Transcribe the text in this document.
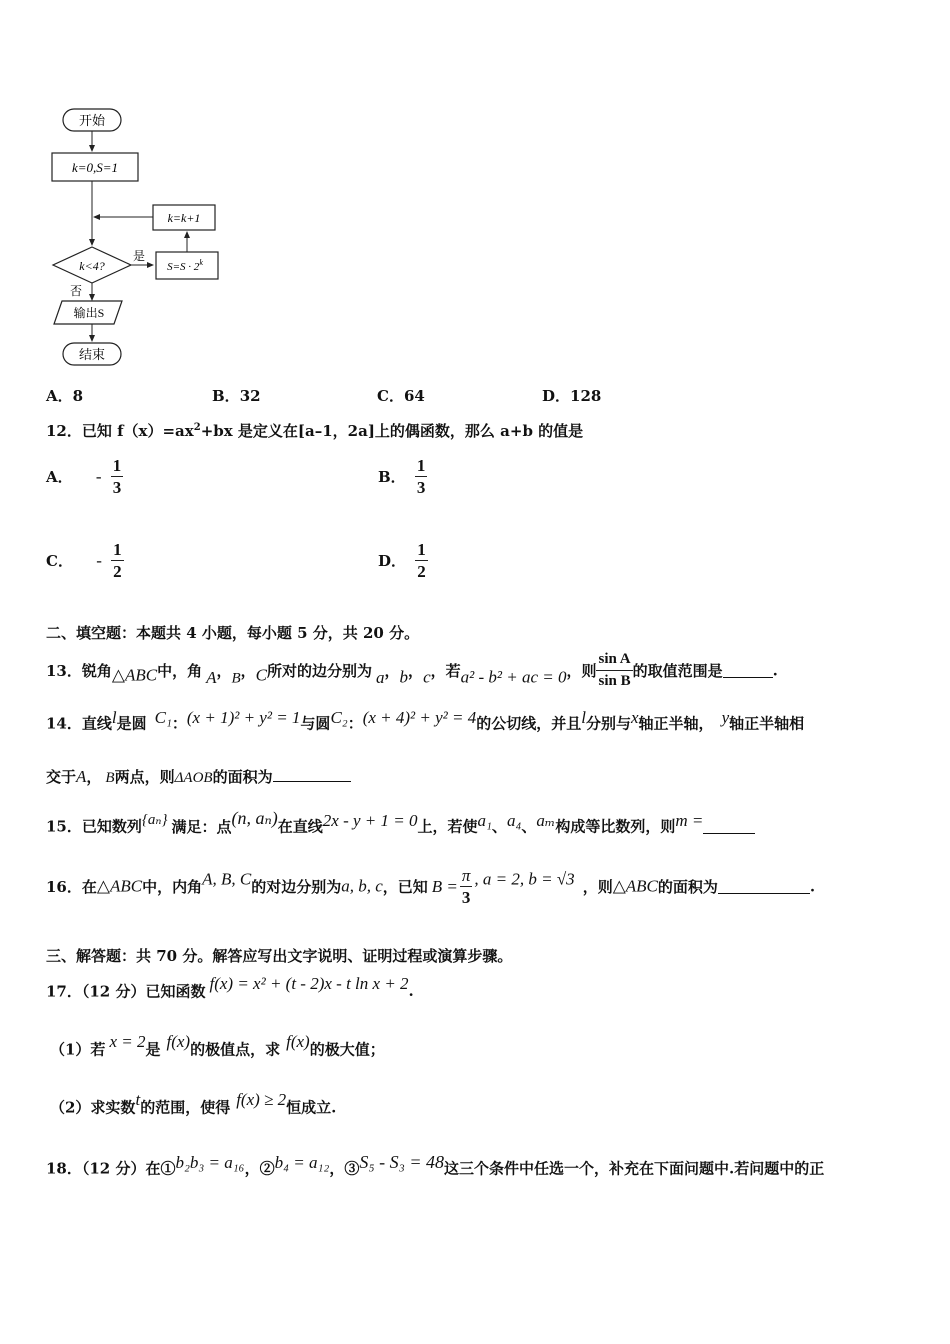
开始
k=0,S=1
k=k+1
k<4?
是
$S=S \cdot 2^k$
否
输出S
结束
A．8	B．32	C．64	D．128
12．已知 $f(x)=ax^2+bx$ 是定义在[a–1，2a]上的偶函数，那么 a+b 的值是
A． - $\frac{1}{3}$	B． $\frac{1}{3}$
C． - $\frac{1}{2}$	D． $\frac{1}{2}$
二、填空题：本题共 4 小题，每小题 5 分，共 20 分。
13．锐角△ABC中，角 A，B，C所对的边分别为 a，b，c，若a² - b² + ac = 0，则 $\frac{\text{sin A}}{\text{sin B}}$ 的取值范围是	.
14．直线l是圆 C₁：(x + 1)² + y² = 1与圆C₂：(x + 4)² + y² = 4的公切线，并且l分别与x轴正半轴， y轴正半轴相
交于A， B两点，则ΔAOB的面积为
15．已知数列{aₙ} 满足：点(n, aₙ)在直线2x - y + 1 = 0上，若使a₁、a₄、aₘ构成等比数列，则m =
16．在△ABC中，内角A, B, C的对边分别为a, b, c，已知 $B = \frac{\pi}{3}$ , a = 2, b = √3 ，则△ABC的面积为	.
三、解答题：共 70 分。解答应写出文字说明、证明过程或演算步骤。
17．（12 分）已知函数 f(x) = x² + (t - 2)x - t ln x + 2.
（1）若 x = 2是 f(x)的极值点，求 f(x)的极大值；
（2）求实数t的范围，使得 f(x) ≥ 2恒成立.
18．（12 分）在①b₂b₃ = a₁₆，②b₄ = a₁₂，③S₅ - S₃ = 48这三个条件中任选一个，补充在下面问题中.若问题中的正
